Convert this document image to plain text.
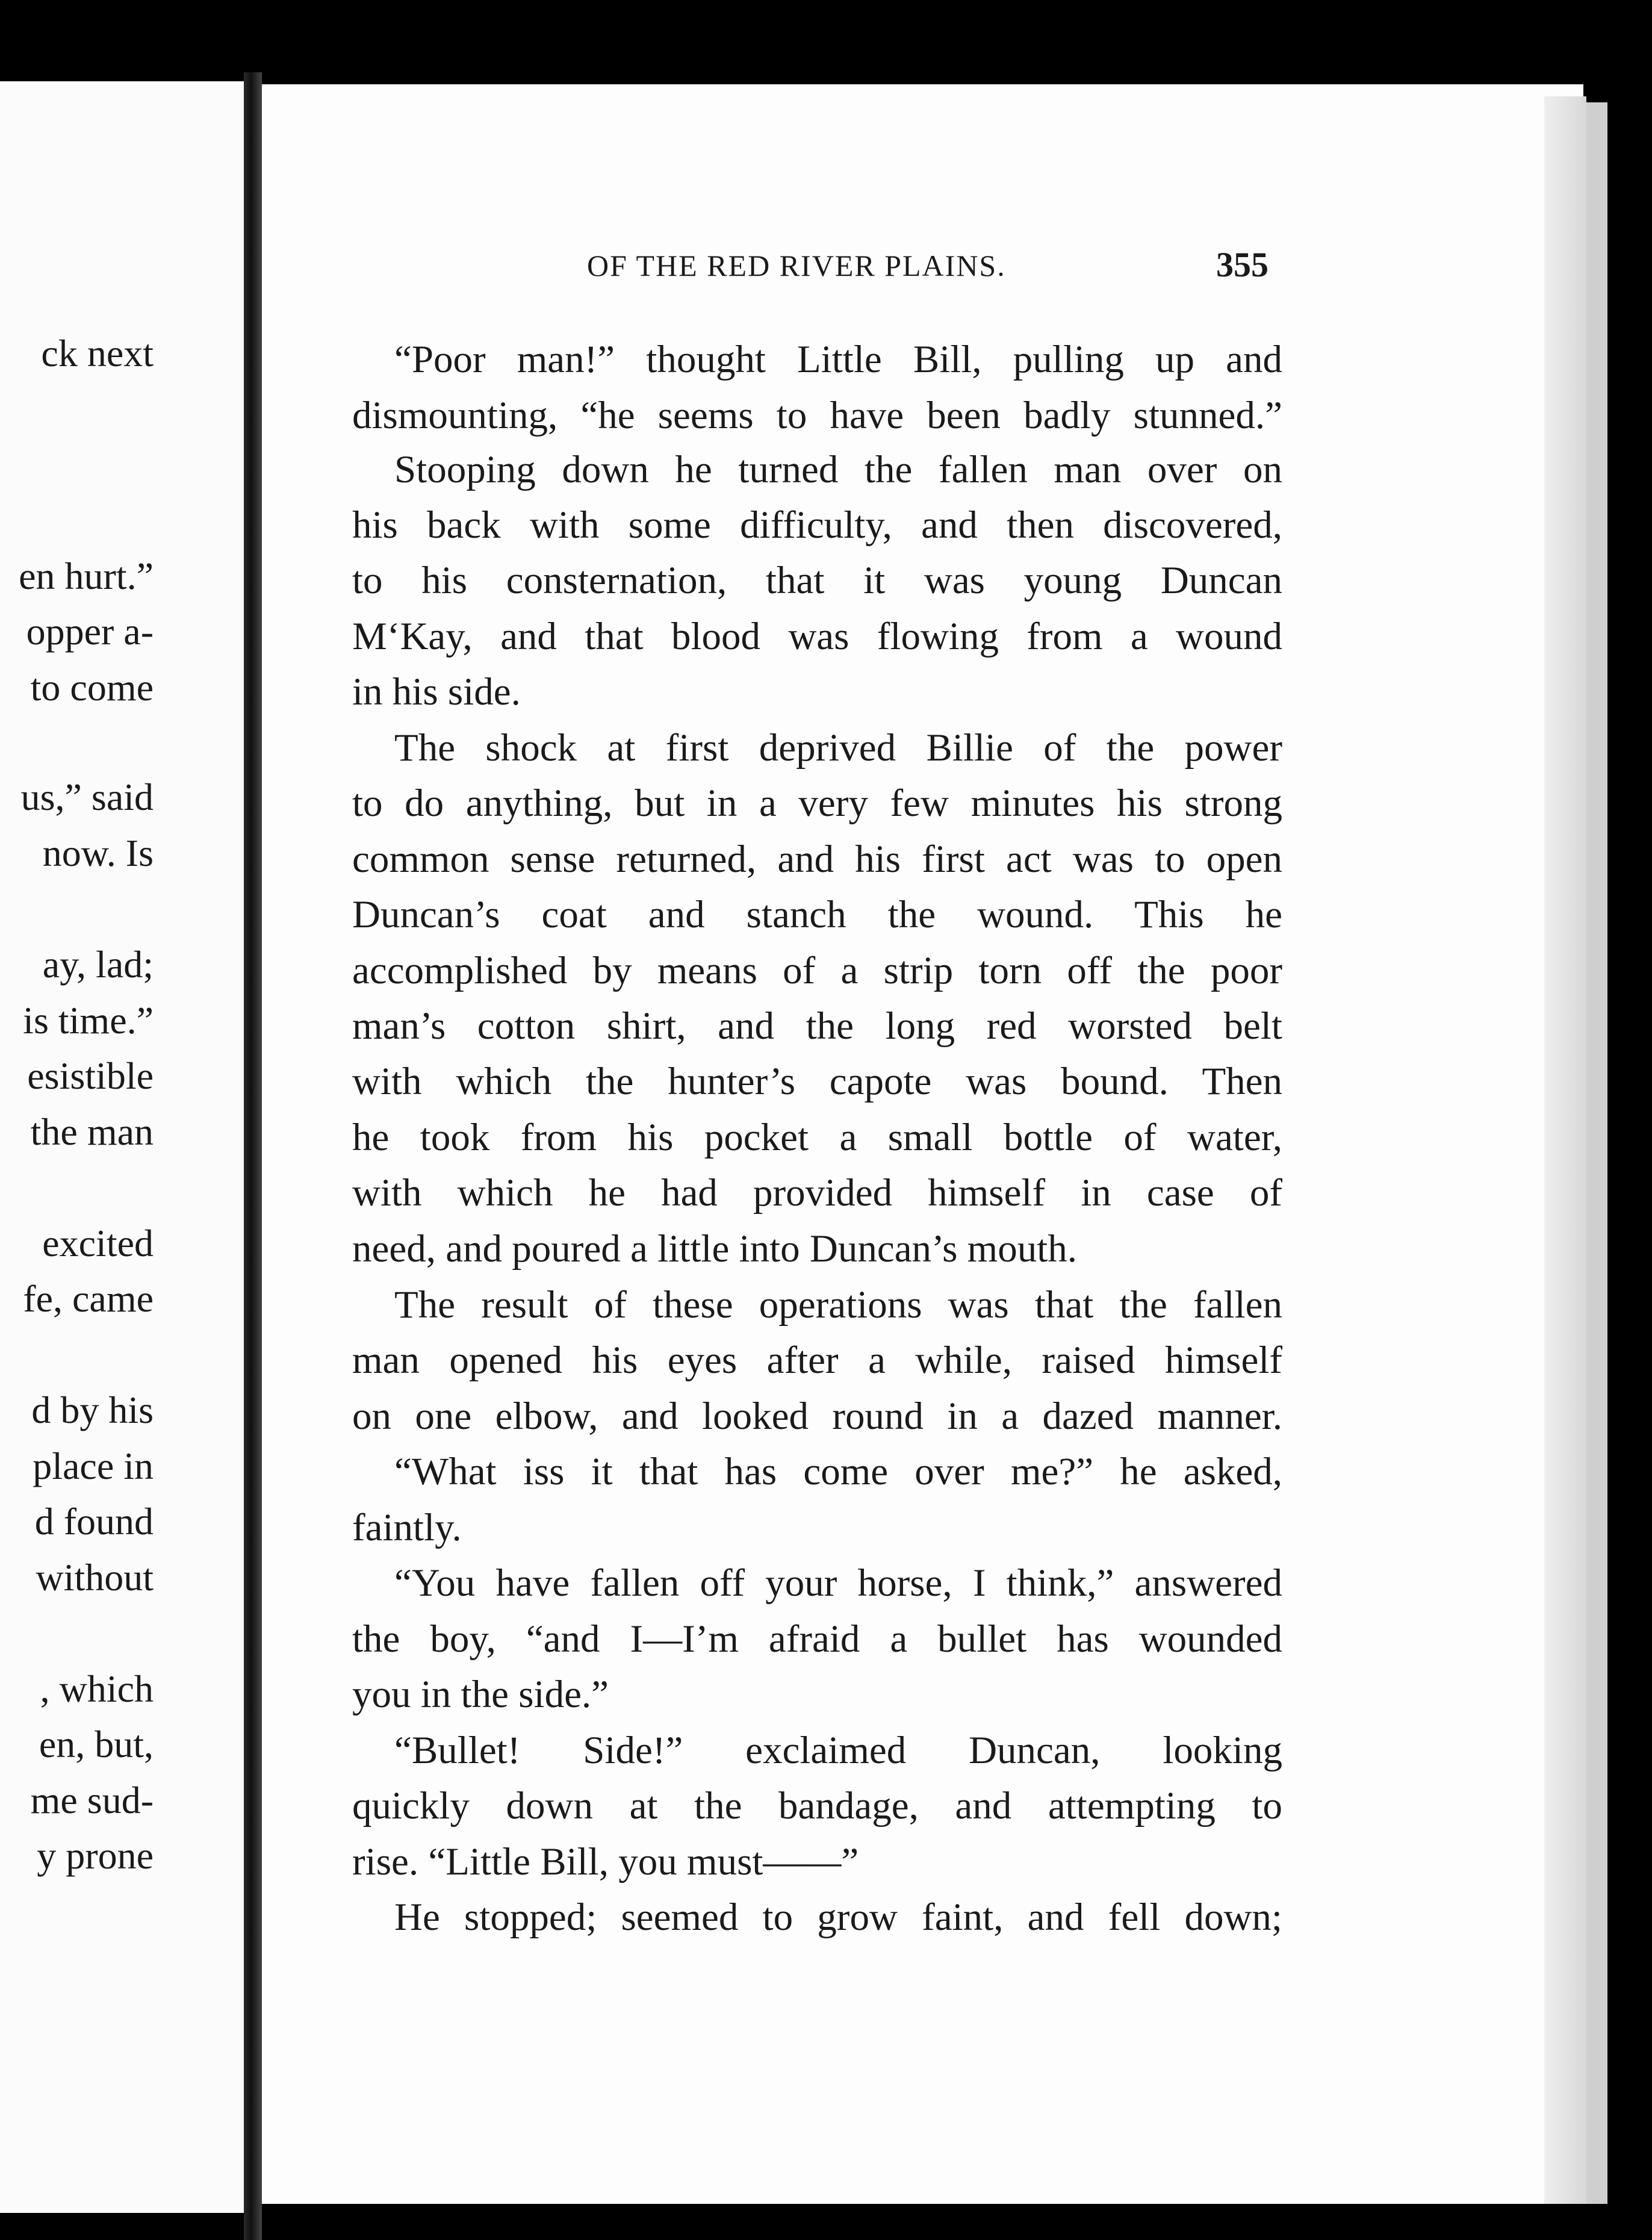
ck next
en hurt.”
opper a-
to come
us,” said
now. Is
ay, lad;
is time.”
esistible
the man
excited
fe, came
d by his
place in
d found
without
, which
en, but,
me sud-
y prone
OF THE RED RIVER PLAINS.	355
“Poor man!” thought Little Bill, pulling up and
dismounting, “he seems to have been badly stunned.”
Stooping down he turned the fallen man over on
his back with some difficulty, and then discovered,
to his consternation, that it was young Duncan
M‘Kay, and that blood was flowing from a wound
in his side.
The shock at first deprived Billie of the power
to do anything, but in a very few minutes his strong
common sense returned, and his first act was to open
Duncan’s coat and stanch the wound. This he
accomplished by means of a strip torn off the poor
man’s cotton shirt, and the long red worsted belt
with which the hunter’s capote was bound. Then
he took from his pocket a small bottle of water,
with which he had provided himself in case of
need, and poured a little into Duncan’s mouth.
The result of these operations was that the fallen
man opened his eyes after a while, raised himself
on one elbow, and looked round in a dazed manner.
“What iss it that has come over me?” he asked,
faintly.
“You have fallen off your horse, I think,” answered
the boy, “and I—I’m afraid a bullet has wounded
you in the side.”
“Bullet! Side!” exclaimed Duncan, looking
quickly down at the bandage, and attempting to
rise. “Little Bill, you must——”
He stopped; seemed to grow faint, and fell down;
